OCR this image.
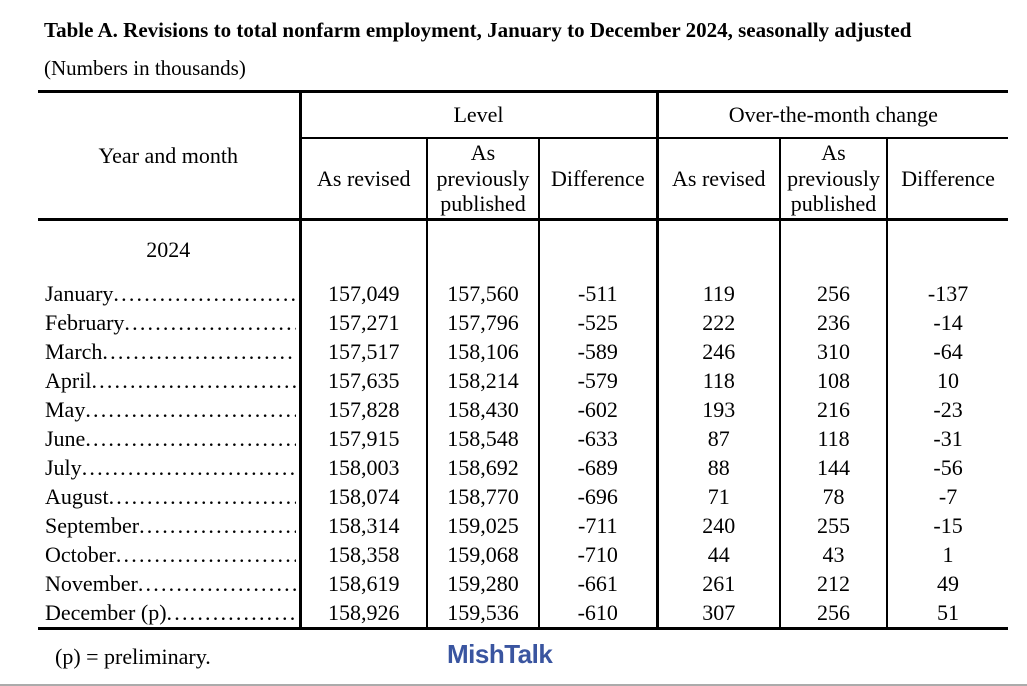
Table A. Revisions to total nonfarm employment, January to December 2024, seasonally adjusted
(Numbers in thousands)
Year and month	Level			Over-the-month change		
	As revised	As previously published	Difference	As revised	As previously published	Difference
2024						

January
.....	157,049	157,560	-511	119	256	-137

February
.....	157,271	157,796	-525	222	236	-14

March
.....	157,517	158,106	-589	246	310	-64

April
.....	157,635	158,214	-579	118	108	10

May
.....	157,828	158,430	-602	193	216	-23

June
.....	157,915	158,548	-633	87	118	-31

July
.....	158,003	158,692	-689	88	144	-56

August
.....	158,074	158,770	-696	71	78	-7

September
.....	158,314	159,025	-711	240	255	-15

October
.....	158,358	159,068	-710	44	43	1

November
.....	158,619	159,280	-661	261	212	49

December (p)
.....	158,926	159,536	-610	307	256	51
(p) = preliminary.	MishTalk
